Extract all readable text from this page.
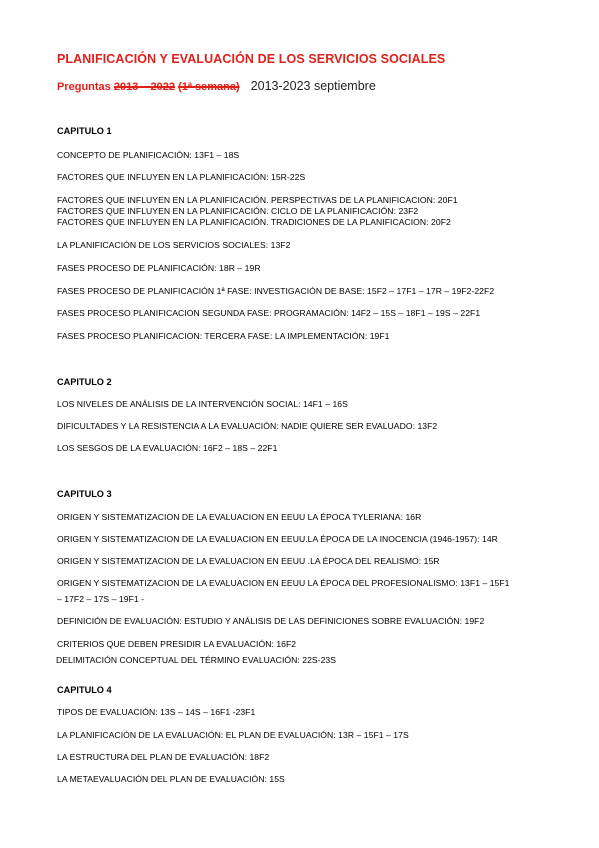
PLANIFICACIÓN Y EVALUACIÓN DE LOS SERVICIOS SOCIALES
Preguntas 2013 – 2022 (1ª semana) 2013-2023 septiembre
CAPITULO 1
CONCEPTO DE PLANIFICACIÓN: 13F1 – 18S
FACTORES QUE INFLUYEN EN LA PLANIFICACIÓN: 15R-22S
FACTORES QUE INFLUYEN EN LA PLANIFICACIÓN. PERSPECTIVAS DE LA PLANIFICACION: 20F1
FACTORES QUE INFLUYEN EN LA PLANIFICACIÓN. CICLO DE LA PLANIFICACIÓN: 23F2
FACTORES QUE INFLUYEN EN LA PLANIFICACIÓN. TRADICIONES DE LA PLANIFICACION: 20F2
LA PLANIFICACIÓN DE LOS SERVICIOS SOCIALES: 13F2
FASES PROCESO DE PLANIFICACIÓN: 18R – 19R
FASES PROCESO DE PLANIFICACIÓN 1ª FASE: INVESTIGACIÓN DE BASE: 15F2 – 17F1 – 17R – 19F2-22F2
FASES PROCESO PLANIFICACION SEGUNDA FASE: PROGRAMACIÓN: 14F2 – 15S – 18F1 – 19S – 22F1
FASES PROCESO PLANIFICACION: TERCERA FASE: LA IMPLEMENTACIÓN: 19F1
CAPITULO 2
LOS NIVELES DE ANÁLISIS DE LA INTERVENCIÓN SOCIAL: 14F1 – 16S
DIFICULTADES Y LA RESISTENCIA A LA EVALUACIÓN: NADIE QUIERE SER EVALUADO: 13F2
LOS SESGOS DE LA EVALUACIÓN: 16F2 – 18S – 22F1
CAPITULO 3
ORIGEN Y SISTEMATIZACION DE LA EVALUACION EN EEUU LA ÉPOCA TYLERIANA: 16R
ORIGEN Y SISTEMATIZACION DE LA EVALUACION EN EEUU.LA ÉPOCA DE LA INOCENCIA (1946-1957): 14R
ORIGEN Y SISTEMATIZACION DE LA EVALUACION EN EEUU .LA ÉPOCA DEL REALISMO: 15R
ORIGEN Y SISTEMATIZACION DE LA EVALUACION EN EEUU LA ÉPOCA DEL PROFESIONALISMO: 13F1 – 15F1
– 17F2 – 17S – 19F1 -
DEFINICIÓN DE EVALUACIÓN: ESTUDIO Y ANÁLISIS DE LAS DEFINICIONES SOBRE EVALUACIÓN: 19F2
CRITERIOS QUE DEBEN PRESIDIR LA EVALUACIÓN: 16F2
DELIMITACIÓN CONCEPTUAL DEL TÉRMINO EVALUACIÓN: 22S-23S
CAPITULO 4
TIPOS DE EVALUACIÓN: 13S – 14S – 16F1 -23F1
LA PLANIFICACIÓN DE LA EVALUACIÓN: EL PLAN DE EVALUACIÓN: 13R – 15F1 – 17S
LA ESTRUCTURA DEL PLAN DE EVALUACIÓN: 18F2
LA METAEVALUACIÓN DEL PLAN DE EVALUACIÓN: 15S
